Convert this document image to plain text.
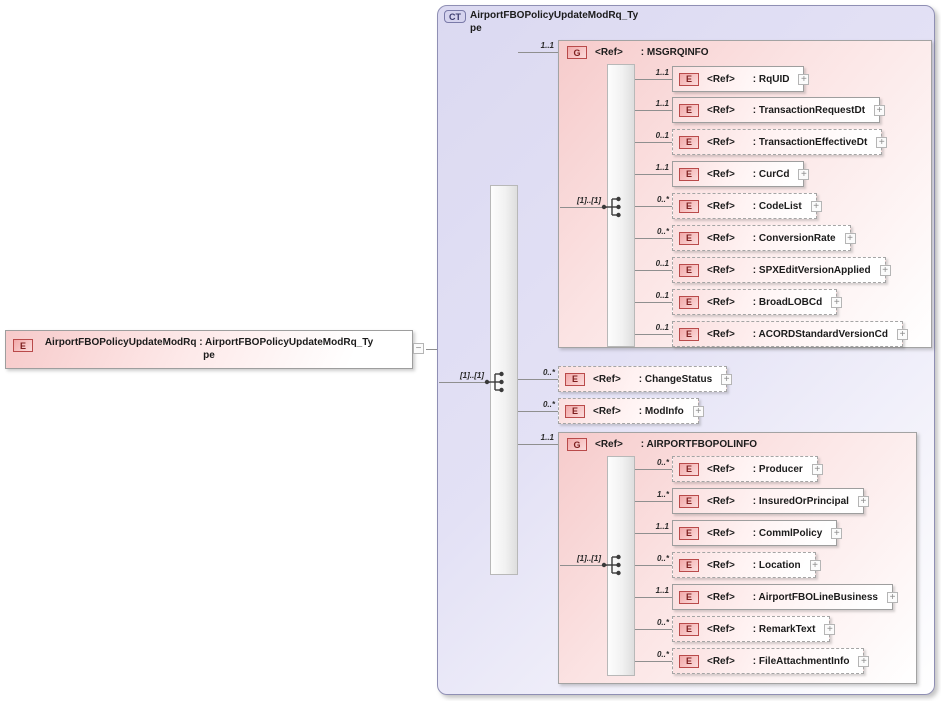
E	AirportFBOPolicyUpdateModRq : AirportFBOPolicyUpdateModRq_Ty
pe
−
CT AirportFBOPolicyUpdateModRq_Ty
pe
[1]..[1]
1..1
G	<Ref> : MSGRQINFO
[1]..[1]
1..1
E	<Ref> : RqUID +
1..1
E	<Ref> : TransactionRequestDt +
0..1
E	<Ref> : TransactionEffectiveDt +
1..1
E	<Ref> : CurCd +
0..*
E	<Ref> : CodeList +
0..*
E	<Ref> : ConversionRate +
0..1
E	<Ref> : SPXEditVersionApplied +
0..1
E	<Ref> : BroadLOBCd +
0..1
E	<Ref> : ACORDStandardVersionCd +
0..*
E	<Ref> : ChangeStatus +
0..*
E	<Ref> : ModInfo +
1..1
G	<Ref> : AIRPORTFBOPOLINFO
[1]..[1]
0..*
E	<Ref> : Producer +
1..*
E	<Ref> : InsuredOrPrincipal +
1..1
E	<Ref> : CommlPolicy +
0..*
E	<Ref> : Location +
1..1
E	<Ref> : AirportFBOLineBusiness +
0..*
E	<Ref> : RemarkText +
0..*
E	<Ref> : FileAttachmentInfo +
